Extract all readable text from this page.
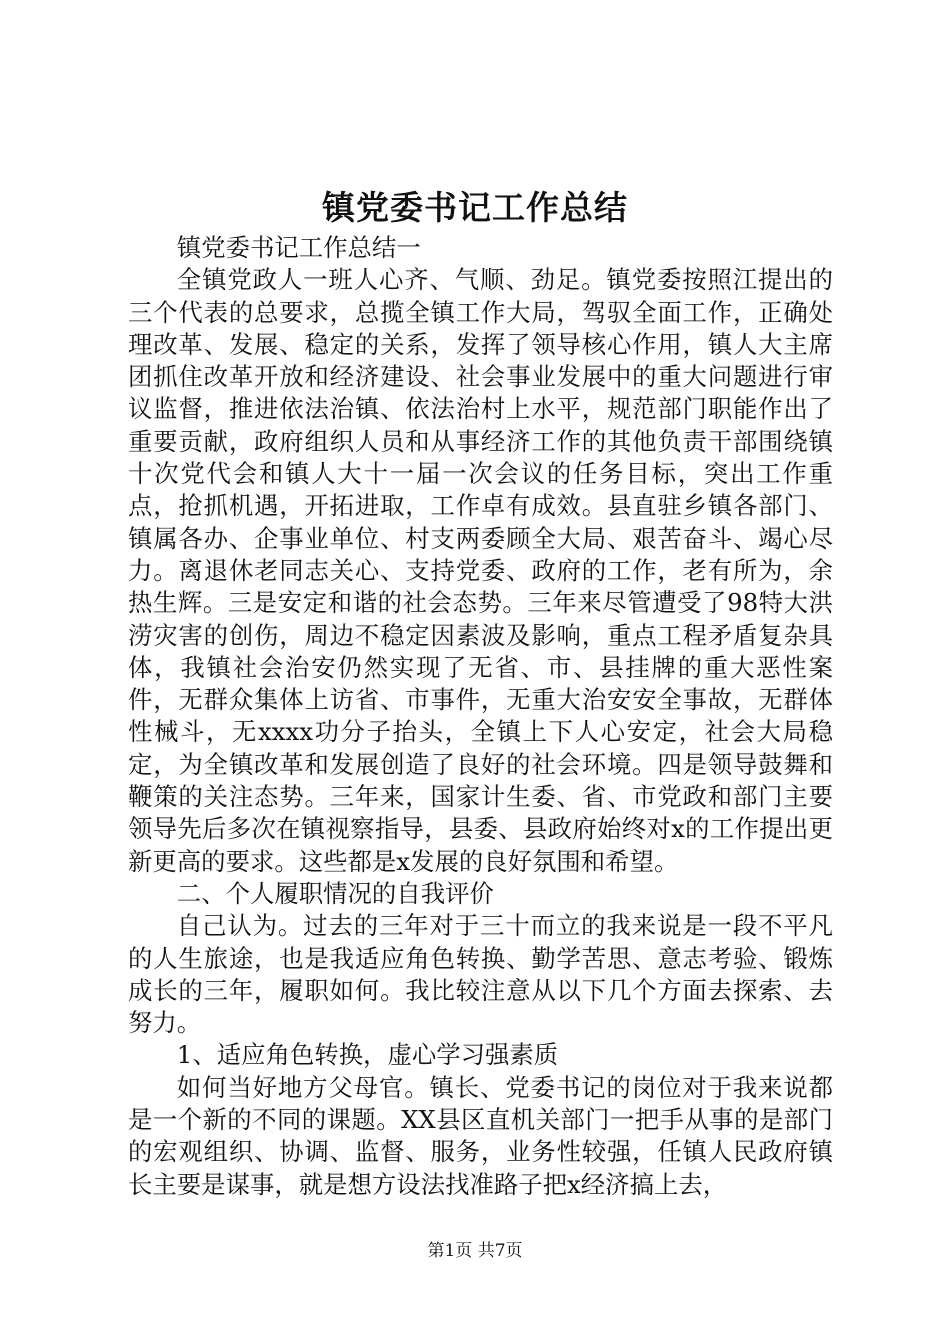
镇党委书记工作总结

镇党委书记工作总结一

全镇党政人一班人心齐、气顺、劲足。镇党委按照江提出的三个代表的总要求，总揽全镇工作大局，驾驭全面工作，正确处理改革、发展、稳定的关系，发挥了领导核心作用，镇人大主席团抓住改革开放和经济建设、社会事业发展中的重大问题进行审议监督，推进依法治镇、依法治村上水平，规范部门职能作出了重要贡献，政府组织人员和从事经济工作的其他负责干部围绕镇十次党代会和镇人大十一届一次会议的任务目标，突出工作重点，抢抓机遇，开拓进取，工作卓有成效。县直驻乡镇各部门、镇属各办、企事业单位、村支两委顾全大局、艰苦奋斗、竭心尽力。离退休老同志关心、支持党委、政府的工作，老有所为，余热生辉。三是安定和谐的社会态势。三年来尽管遭受了98特大洪涝灾害的创伤，周边不稳定因素波及影响，重点工程矛盾复杂具体，我镇社会治安仍然实现了无省、市、县挂牌的重大恶性案件，无群众集体上访省、市事件，无重大治安安全事故，无群体性械斗，无xxxx功分子抬头，全镇上下人心安定，社会大局稳定，为全镇改革和发展创造了良好的社会环境。四是领导鼓舞和鞭策的关注态势。三年来，国家计生委、省、市党政和部门主要领导先后多次在镇视察指导，县委、县政府始终对x的工作提出更新更高的要求。这些都是x发展的良好氛围和希望。

二、个人履职情况的自我评价

自己认为。过去的三年对于三十而立的我来说是一段不平凡的人生旅途，也是我适应角色转换、勤学苦思、意志考验、锻炼成长的三年，履职如何。我比较注意从以下几个方面去探索、去努力。

1、适应角色转换，虚心学习强素质

如何当好地方父母官。镇长、党委书记的岗位对于我来说都是一个新的不同的课题。XX县区直机关部门一把手从事的是部门的宏观组织、协调、监督、服务，业务性较强，任镇人民政府镇长主要是谋事，就是想方设法找准路子把x经济搞上去，

第1页 共7页
